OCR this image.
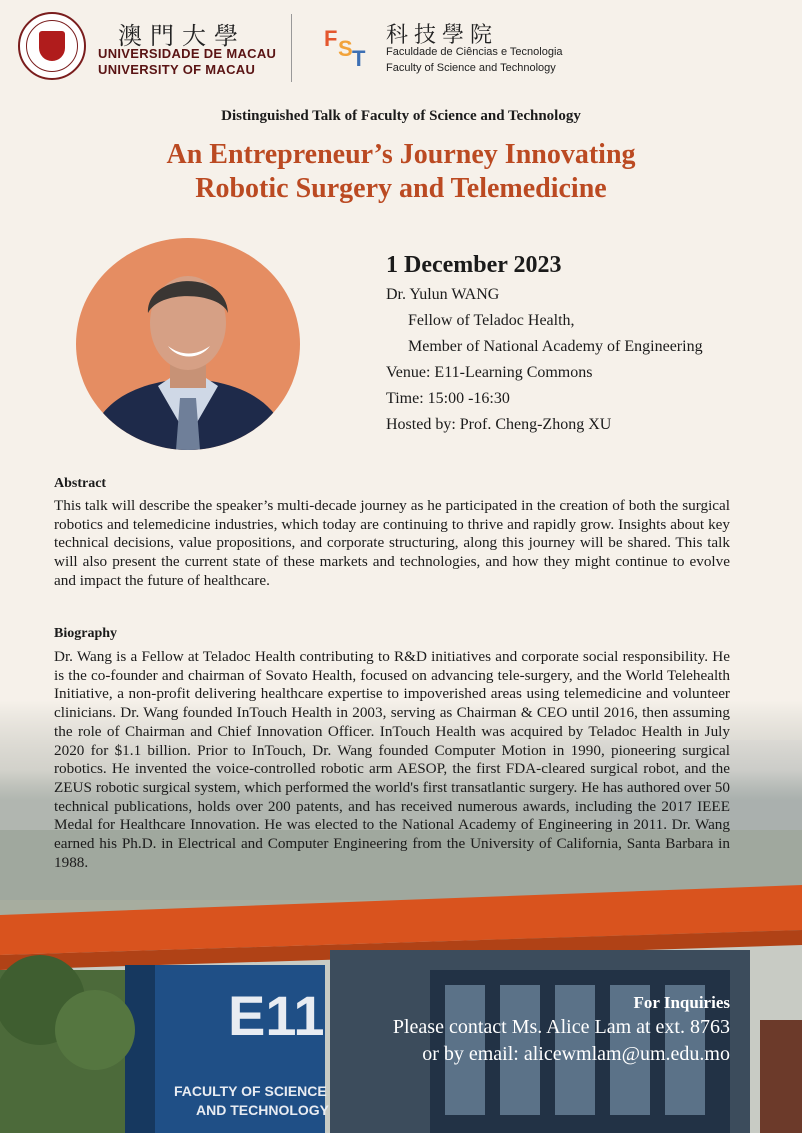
澳門大學
UNIVERSIDADE DE MACAU
UNIVERSITY OF MACAU
F S T
科技學院
Faculdade de Ciências e Tecnologia
Faculty of Science and Technology
Distinguished Talk of Faculty of Science and Technology
An Entrepreneur’s Journey Innovating
Robotic Surgery and Telemedicine
1 December 2023
Dr. Yulun WANG
Fellow of Teladoc Health,
Member of National Academy of Engineering
Venue: E11-Learning Commons
Time: 15:00 -16:30
Hosted by: Prof. Cheng-Zhong XU
E11
FACULTY OF SCIENCE
AND TECHNOLOGY
Abstract
This talk will describe the speaker’s multi-decade journey as he participated in the creation of both the surgical robotics and telemedicine industries, which today are continuing to thrive and rapidly grow. Insights about key technical decisions, value propositions, and corporate structuring, along this journey will be shared. This talk will also present the current state of these markets and technologies, and how they might continue to evolve and impact the future of healthcare.
Biography
Dr. Wang is a Fellow at Teladoc Health contributing to R&D initiatives and corporate social responsibility. He is the co-founder and chairman of Sovato Health, focused on advancing tele-surgery, and the World Telehealth Initiative, a non-profit delivering healthcare expertise to impoverished areas using telemedicine and volunteer clinicians. Dr. Wang founded InTouch Health in 2003, serving as Chairman & CEO until 2016, then assuming the role of Chairman and Chief Innovation Officer. InTouch Health was acquired by Teladoc Health in July 2020 for $1.1 billion. Prior to InTouch, Dr. Wang founded Computer Motion in 1990, pioneering surgical robotics. He invented the voice-controlled robotic arm AESOP, the first FDA-cleared surgical robot, and the ZEUS robotic surgical system, which performed the world's first transatlantic surgery. He has authored over 50 technical publications, holds over 200 patents, and has received numerous awards, including the 2017 IEEE Medal for Healthcare Innovation. He was elected to the National Academy of Engineering in 2011. Dr. Wang earned his Ph.D. in Electrical and Computer Engineering from the University of California, Santa Barbara in 1988.
For Inquiries
Please contact Ms. Alice Lam at ext. 8763
or by email: alicewmlam@um.edu.mo
